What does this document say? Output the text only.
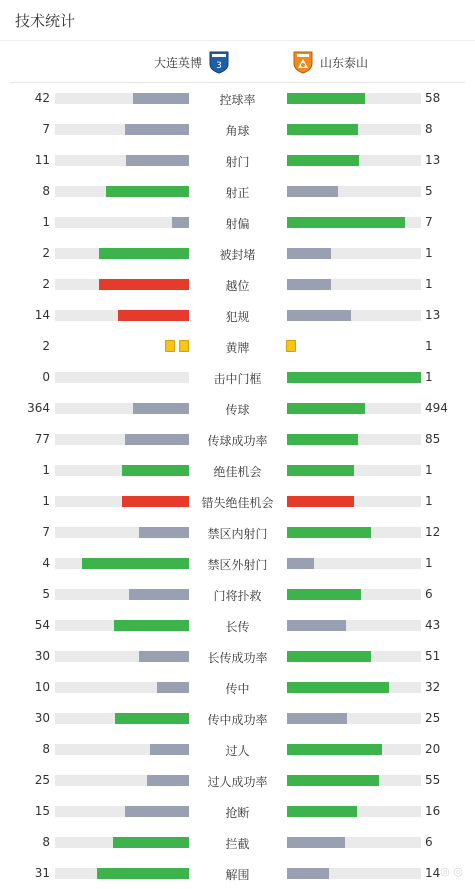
技术统计
大连英博 3	山东泰山
42	控球率	58
7	角球	8
11	射门	13
8	射正	5
1	射偏	7
2	被封堵	1
2	越位	1
14	犯规	13
2	黄牌	1
0	击中门框	1
364	传球	494
77	传球成功率	85
1	绝佳机会	1
1	错失绝佳机会	1
7	禁区内射门	12
4	禁区外射门	1
5	门将扑救	6
54	长传	43
30	长传成功率	51
10	传中	32
30	传中成功率	25
8	过人	20
25	过人成功率	55
15	抢断	16
8	拦截	6
31	解围	14 ◎ ◎
